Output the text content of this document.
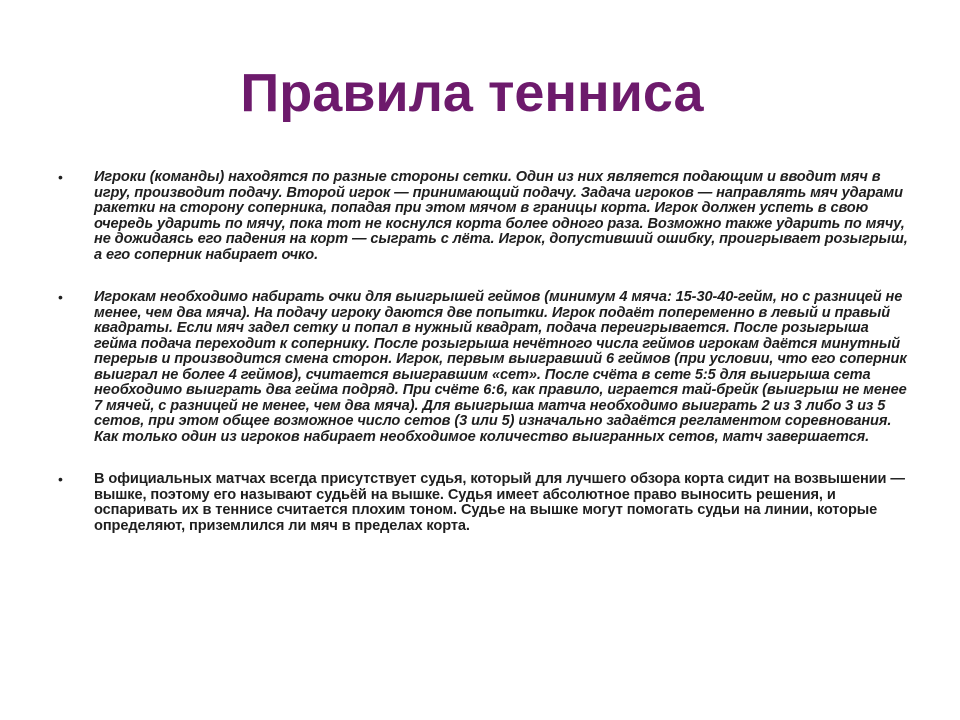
Правила тенниса
• Игроки (команды) находятся по разные стороны сетки. Один из них является подающим и вводит мяч в игру, производит подачу. Второй игрок — принимающий подачу. Задача игроков — направлять мяч ударами ракетки на сторону соперника, попадая при этом мячом в границы корта. Игрок должен успеть в свою очередь ударить по мячу, пока тот не коснулся корта более одного раза. Возможно также ударить по мячу, не дожидаясь его падения на корт — сыграть с лёта. Игрок, допустивший ошибку, проигрывает розыгрыш, а его соперник набирает очко.
• Игрокам необходимо набирать очки для выигрышей геймов (минимум 4 мяча: 15-30-40-гейм, но с разницей не менее, чем два мяча). На подачу игроку даются две попытки. Игрок подаёт попеременно в левый и правый квадраты. Если мяч задел сетку и попал в нужный квадрат, подача переигрывается. После розыгрыша гейма подача переходит к сопернику. После розыгрыша нечётного числа геймов игрокам даётся минутный перерыв и производится смена сторон. Игрок, первым выигравший 6 геймов (при условии, что его соперник выиграл не более 4 геймов), считается выигравшим «сет». После счёта в сете 5:5 для выигрыша сета необходимо выиграть два гейма подряд. При счёте 6:6, как правило, играется тай-брейк (выигрыш не менее 7 мячей, с разницей не менее, чем два мяча). Для выигрыша матча необходимо выиграть 2 из 3 либо 3 из 5 сетов, при этом общее возможное число сетов (3 или 5) изначально задаётся регламентом соревнования. Как только один из игроков набирает необходимое количество выигранных сетов, матч завершается.
• В официальных матчах всегда присутствует судья, который для лучшего обзора корта сидит на возвышении — вышке, поэтому его называют судьёй на вышке. Судья имеет абсолютное право выносить решения, и оспаривать их в теннисе считается плохим тоном. Судье на вышке могут помогать судьи на линии, которые определяют, приземлился ли мяч в пределах корта.
